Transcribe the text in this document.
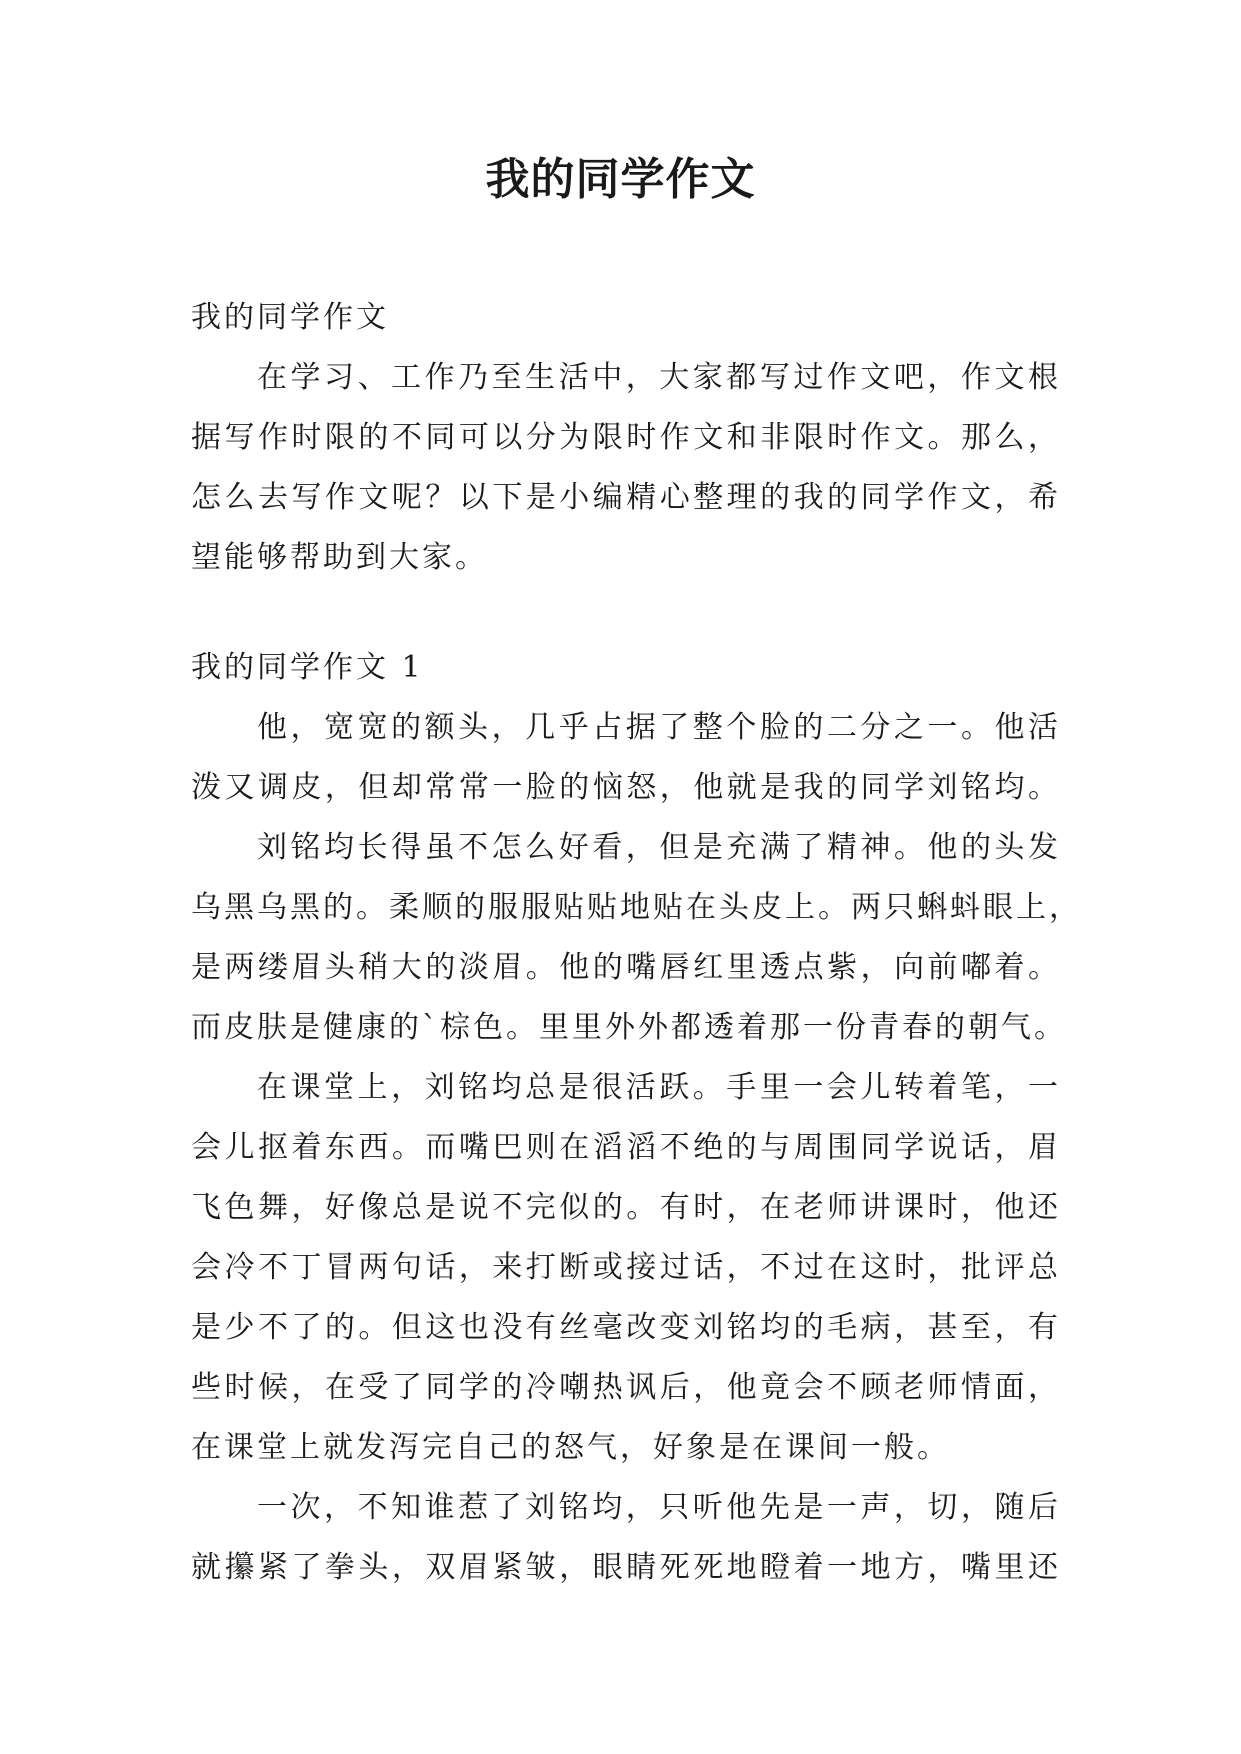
我的同学作文
我的同学作文
在学习、工作乃至生活中，大家都写过作文吧，作文根
据写作时限的不同可以分为限时作文和非限时作文。那么，
怎么去写作文呢？以下是小编精心整理的我的同学作文，希
望能够帮助到大家。
我的同学作文 1
他，宽宽的额头，几乎占据了整个脸的二分之一。他活
泼又调皮，但却常常一脸的恼怒，他就是我的同学刘铭均。
刘铭均长得虽不怎么好看，但是充满了精神。他的头发
乌黑乌黑的。柔顺的服服贴贴地贴在头皮上。两只蝌蚪眼上，
是两缕眉头稍大的淡眉。他的嘴唇红里透点紫，向前嘟着。
而皮肤是健康的`棕色。里里外外都透着那一份青春的朝气。
在课堂上，刘铭均总是很活跃。手里一会儿转着笔，一
会儿抠着东西。而嘴巴则在滔滔不绝的与周围同学说话，眉
飞色舞，好像总是说不完似的。有时，在老师讲课时，他还
会冷不丁冒两句话，来打断或接过话，不过在这时，批评总
是少不了的。但这也没有丝毫改变刘铭均的毛病，甚至，有
些时候，在受了同学的冷嘲热讽后，他竟会不顾老师情面，
在课堂上就发泻完自己的怒气，好象是在课间一般。
一次，不知谁惹了刘铭均，只听他先是一声，切，随后
就攥紧了拳头，双眉紧皱，眼睛死死地瞪着一地方，嘴里还
